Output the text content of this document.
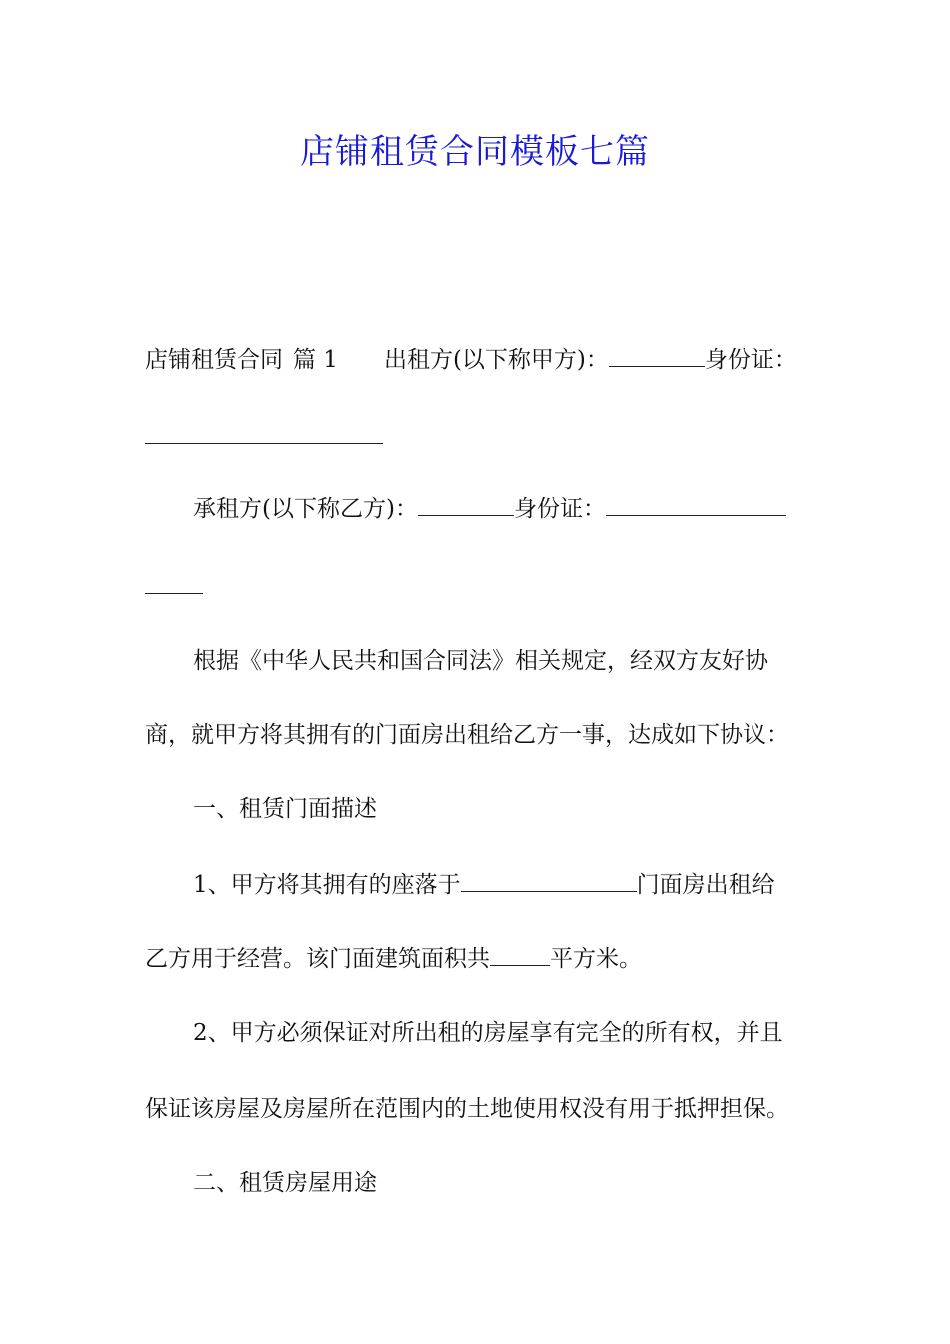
店铺租赁合同模板七篇
店铺租赁合同 篇 1 出租方(以下称甲方)：	身份证：
承租方(以下称乙方)：	身份证：
根据《中华人民共和国合同法》相关规定，经双方友好协
商，就甲方将其拥有的门面房出租给乙方一事，达成如下协议：
一、租赁门面描述
1、甲方将其拥有的座落于	门面房出租给
乙方用于经营。该门面建筑面积共	平方米。
2、甲方必须保证对所出租的房屋享有完全的所有权，并且
保证该房屋及房屋所在范围内的土地使用权没有用于抵押担保。
二、租赁房屋用途
